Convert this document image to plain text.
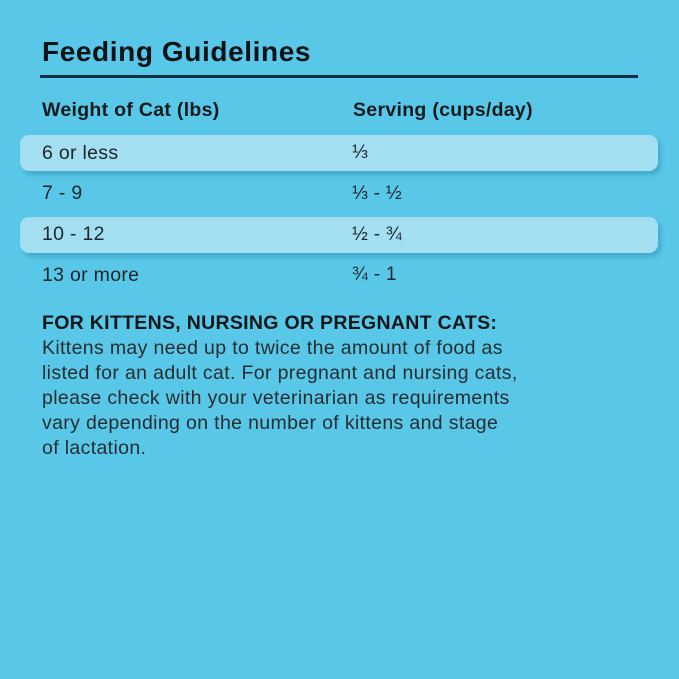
Feeding Guidelines
Weight of Cat (lbs)	Serving (cups/day)
6 or less	⅓
7 - 9	⅓ - ½
10 - 12	½ - ¾
13 or more	¾ - 1
FOR KITTENS, NURSING OR PREGNANT CATS:
Kittens may need up to twice the amount of food as
listed for an adult cat. For pregnant and nursing cats,
please check with your veterinarian as requirements
vary depending on the number of kittens and stage
of lactation.
